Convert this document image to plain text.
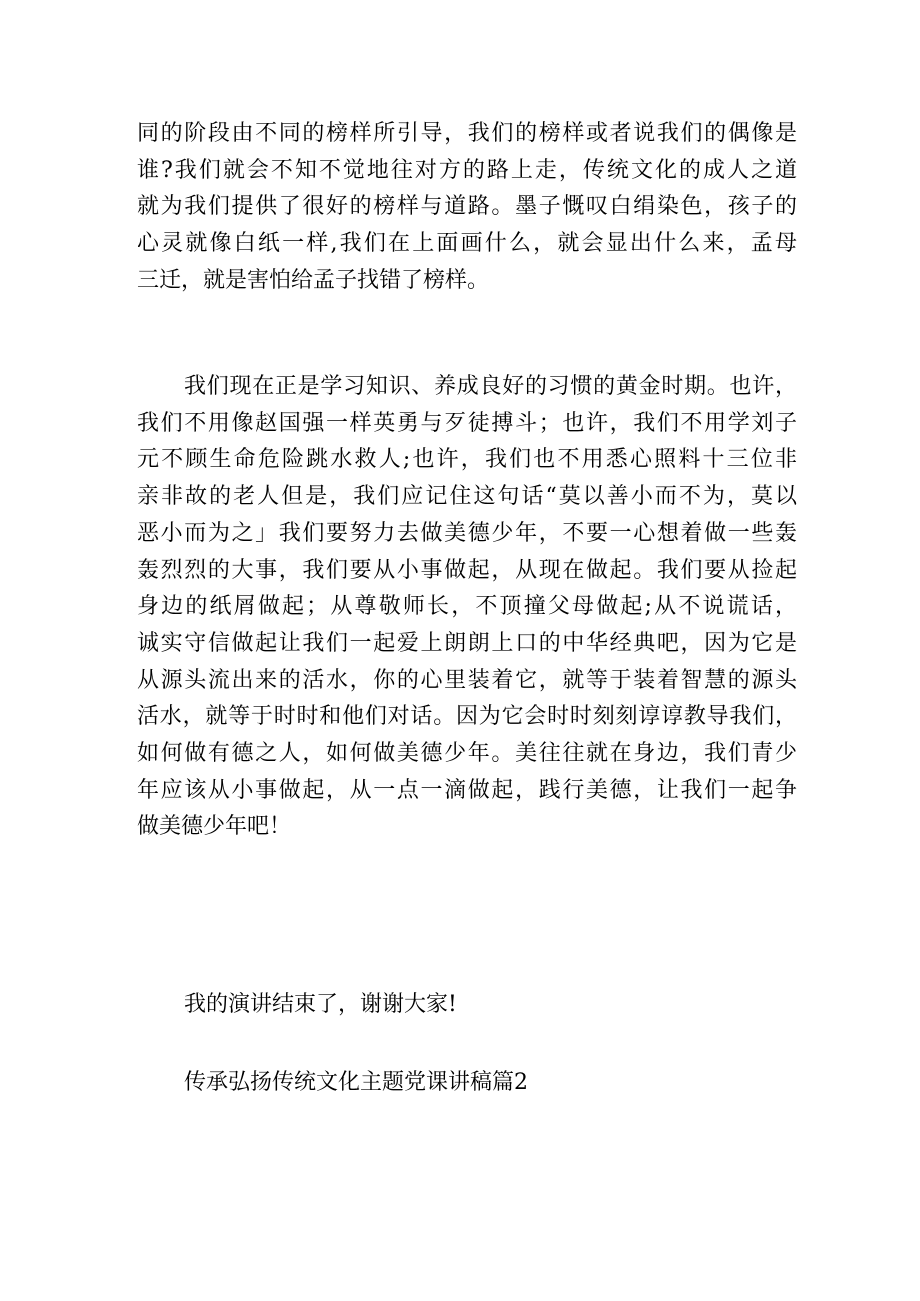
同的阶段由不同的榜样所引导，我们的榜样或者说我们的偶像是
谁?我们就会不知不觉地往对方的路上走，传统文化的成人之道
就为我们提供了很好的榜样与道路。墨子慨叹白绢染色，孩子的
心灵就像白纸一样,我们在上面画什么，就会显出什么来，孟母
三迁，就是害怕给孟子找错了榜样。
我们现在正是学习知识、养成良好的习惯的黄金时期。也许，
我们不用像赵国强一样英勇与歹徒搏斗；也许，我们不用学刘子
元不顾生命危险跳水救人;也许，我们也不用悉心照料十三位非
亲非故的老人但是，我们应记住这句话“莫以善小而不为，莫以
恶小而为之」我们要努力去做美德少年，不要一心想着做一些轰
轰烈烈的大事，我们要从小事做起，从现在做起。我们要从捡起
身边的纸屑做起；从尊敬师长，不顶撞父母做起;从不说谎话，
诚实守信做起让我们一起爱上朗朗上口的中华经典吧，因为它是
从源头流出来的活水，你的心里装着它，就等于装着智慧的源头
活水，就等于时时和他们对话。因为它会时时刻刻谆谆教导我们，
如何做有德之人，如何做美德少年。美往往就在身边，我们青少
年应该从小事做起，从一点一滴做起，践行美德，让我们一起争
做美德少年吧！
我的演讲结束了，谢谢大家!
传承弘扬传统文化主题党课讲稿篇2
